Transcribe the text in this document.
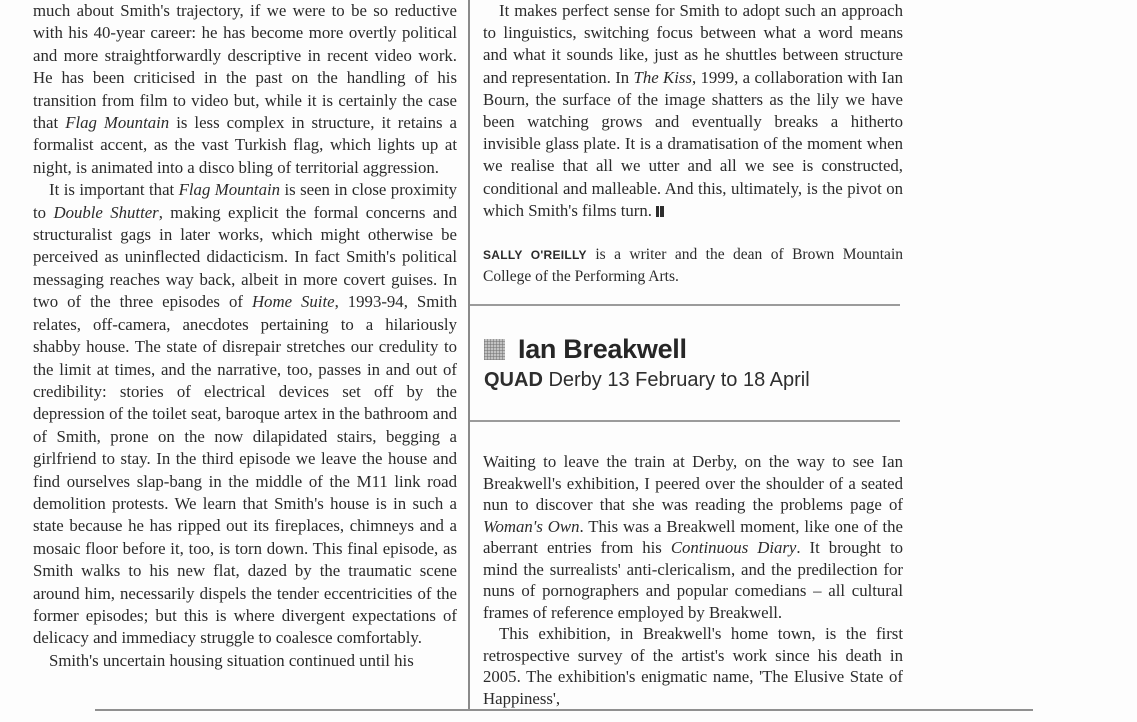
much about Smith's trajectory, if we were to be so reductive with his 40-year career: he has become more overtly political and more straightforwardly descriptive in recent video work. He has been criticised in the past on the handling of his transition from film to video but, while it is certainly the case that Flag Mountain is less complex in structure, it retains a formalist accent, as the vast Turkish flag, which lights up at night, is animated into a disco bling of territorial aggression.

It is important that Flag Mountain is seen in close proximity to Double Shutter, making explicit the formal concerns and structuralist gags in later works, which might otherwise be perceived as uninflected didacticism. In fact Smith's political messaging reaches way back, albeit in more covert guises. In two of the three episodes of Home Suite, 1993-94, Smith relates, off-camera, anecdotes pertaining to a hilariously shabby house. The state of disrepair stretches our credulity to the limit at times, and the narrative, too, passes in and out of credibility: stories of electrical devices set off by the depression of the toilet seat, baroque artex in the bathroom and of Smith, prone on the now dilapidated stairs, begging a girlfriend to stay. In the third episode we leave the house and find ourselves slap-bang in the middle of the M11 link road demolition protests. We learn that Smith's house is in such a state because he has ripped out its fireplaces, chimneys and a mosaic floor before it, too, is torn down. This final episode, as Smith walks to his new flat, dazed by the traumatic scene around him, necessarily dispels the tender eccentricities of the former episodes; but this is where divergent expectations of delicacy and immediacy struggle to coalesce comfortably.

Smith's uncertain housing situation continued until his

It makes perfect sense for Smith to adopt such an approach to linguistics, switching focus between what a word means and what it sounds like, just as he shuttles between structure and representation. In The Kiss, 1999, a collaboration with Ian Bourn, the surface of the image shatters as the lily we have been watching grows and eventually breaks a hitherto invisible glass plate. It is a dramatisation of the moment when we realise that all we utter and all we see is constructed, conditional and malleable. And this, ultimately, is the pivot on which Smith's films turn.

SALLY O'REILLY is a writer and the dean of Brown Mountain College of the Performing Arts.

Ian Breakwell
QUAD Derby 13 February to 18 April

Waiting to leave the train at Derby, on the way to see Ian Breakwell's exhibition, I peered over the shoulder of a seated nun to discover that she was reading the problems page of Woman's Own. This was a Breakwell moment, like one of the aberrant entries from his Continuous Diary. It brought to mind the surrealists' anti-clericalism, and the predilection for nuns of pornographers and popular comedians – all cultural frames of reference employed by Breakwell.

This exhibition, in Breakwell's home town, is the first retrospective survey of the artist's work since his death in 2005. The exhibition's enigmatic name, 'The Elusive State of Happiness',
